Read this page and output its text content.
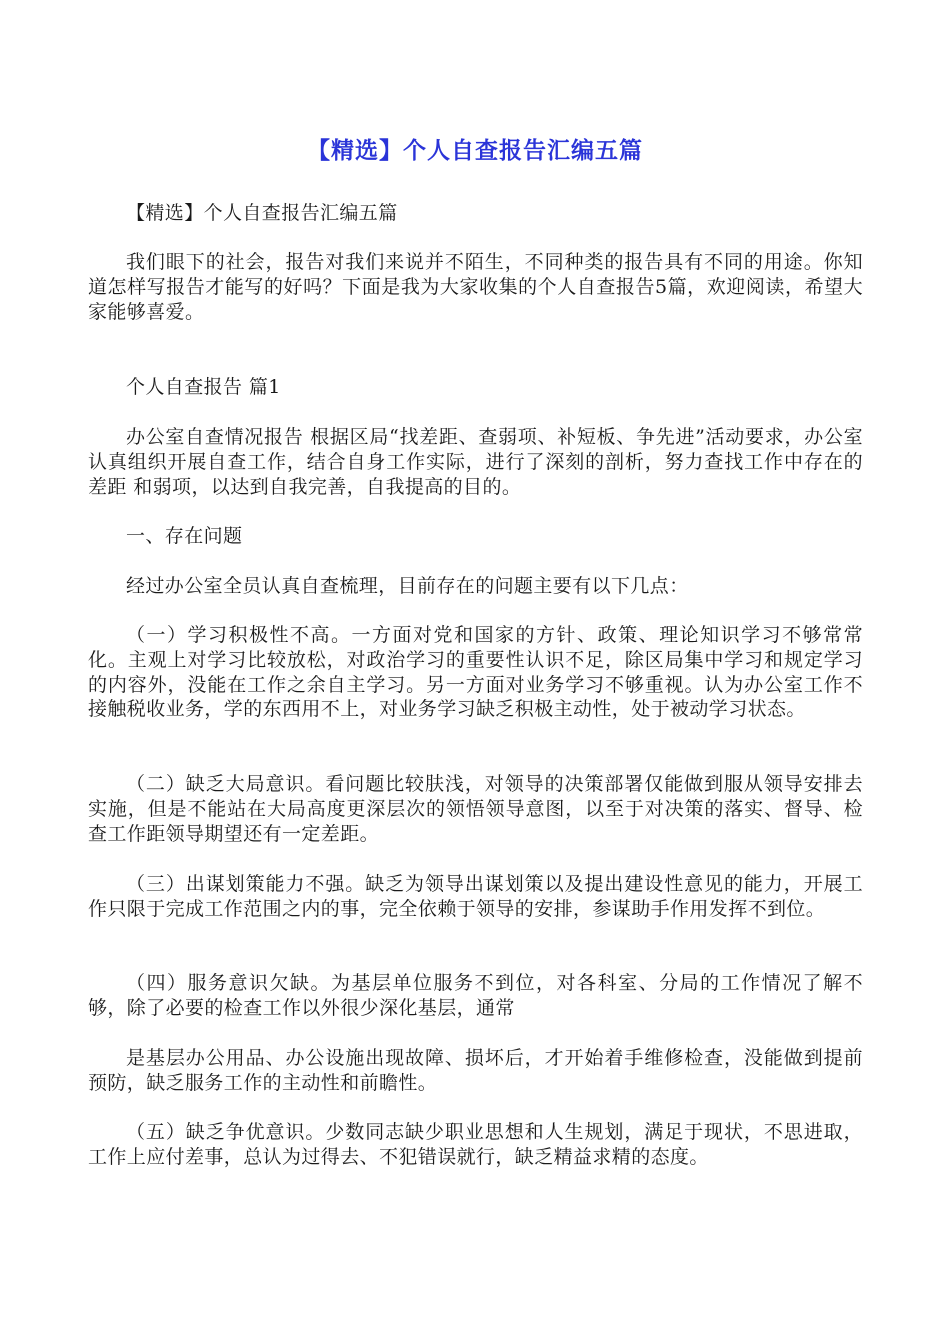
【精选】个人自查报告汇编五篇

【精选】个人自查报告汇编五篇

我们眼下的社会，报告对我们来说并不陌生，不同种类的报告具有不同的用途。你知道怎样写报告才能写的好吗？下面是我为大家收集的个人自查报告5篇，欢迎阅读，希望大家能够喜爱。

个人自查报告 篇1

办公室自查情况报告 根据区局“找差距、查弱项、补短板、争先进”活动要求，办公室认真组织开展自查工作，结合自身工作实际，进行了深刻的剖析，努力查找工作中存在的差距 和弱项，以达到自我完善，自我提高的目的。

一、存在问题

经过办公室全员认真自查梳理，目前存在的问题主要有以下几点：

（一）学习积极性不高。一方面对党和国家的方针、政策、理论知识学习不够常常化。主观上对学习比较放松，对政治学习的重要性认识不足，除区局集中学习和规定学习的内容外，没能在工作之余自主学习。另一方面对业务学习不够重视。认为办公室工作不接触税收业务，学的东西用不上，对业务学习缺乏积极主动性，处于被动学习状态。

（二）缺乏大局意识。看问题比较肤浅，对领导的决策部署仅能做到服从领导安排去实施，但是不能站在大局高度更深层次的领悟领导意图，以至于对决策的落实、督导、检查工作距领导期望还有一定差距。

（三）出谋划策能力不强。缺乏为领导出谋划策以及提出建设性意见的能力，开展工作只限于完成工作范围之内的事，完全依赖于领导的安排，参谋助手作用发挥不到位。

（四）服务意识欠缺。为基层单位服务不到位，对各科室、分局的工作情况了解不够，除了必要的检查工作以外很少深化基层，通常

是基层办公用品、办公设施出现故障、损坏后，才开始着手维修检查，没能做到提前预防，缺乏服务工作的主动性和前瞻性。

（五）缺乏争优意识。少数同志缺少职业思想和人生规划，满足于现状，不思进取，工作上应付差事，总认为过得去、不犯错误就行，缺乏精益求精的态度。
